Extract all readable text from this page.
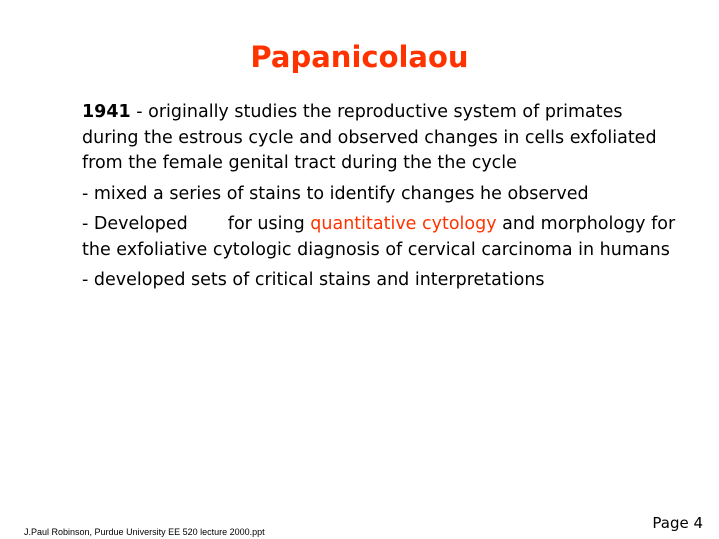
Papanicolaou

1941 - originally studies the reproductive system of primates during the estrous cycle and observed changes in cells exfoliated from the female genital tract during the the cycle

- mixed a series of stains to identify changes he observed

- Developed for using quantitative cytology and morphology for the exfoliative cytologic diagnosis of cervical carcinoma in humans

- developed sets of critical stains and interpretations

J.Paul Robinson, Purdue University EE 520 lecture 2000.ppt	Page 4
